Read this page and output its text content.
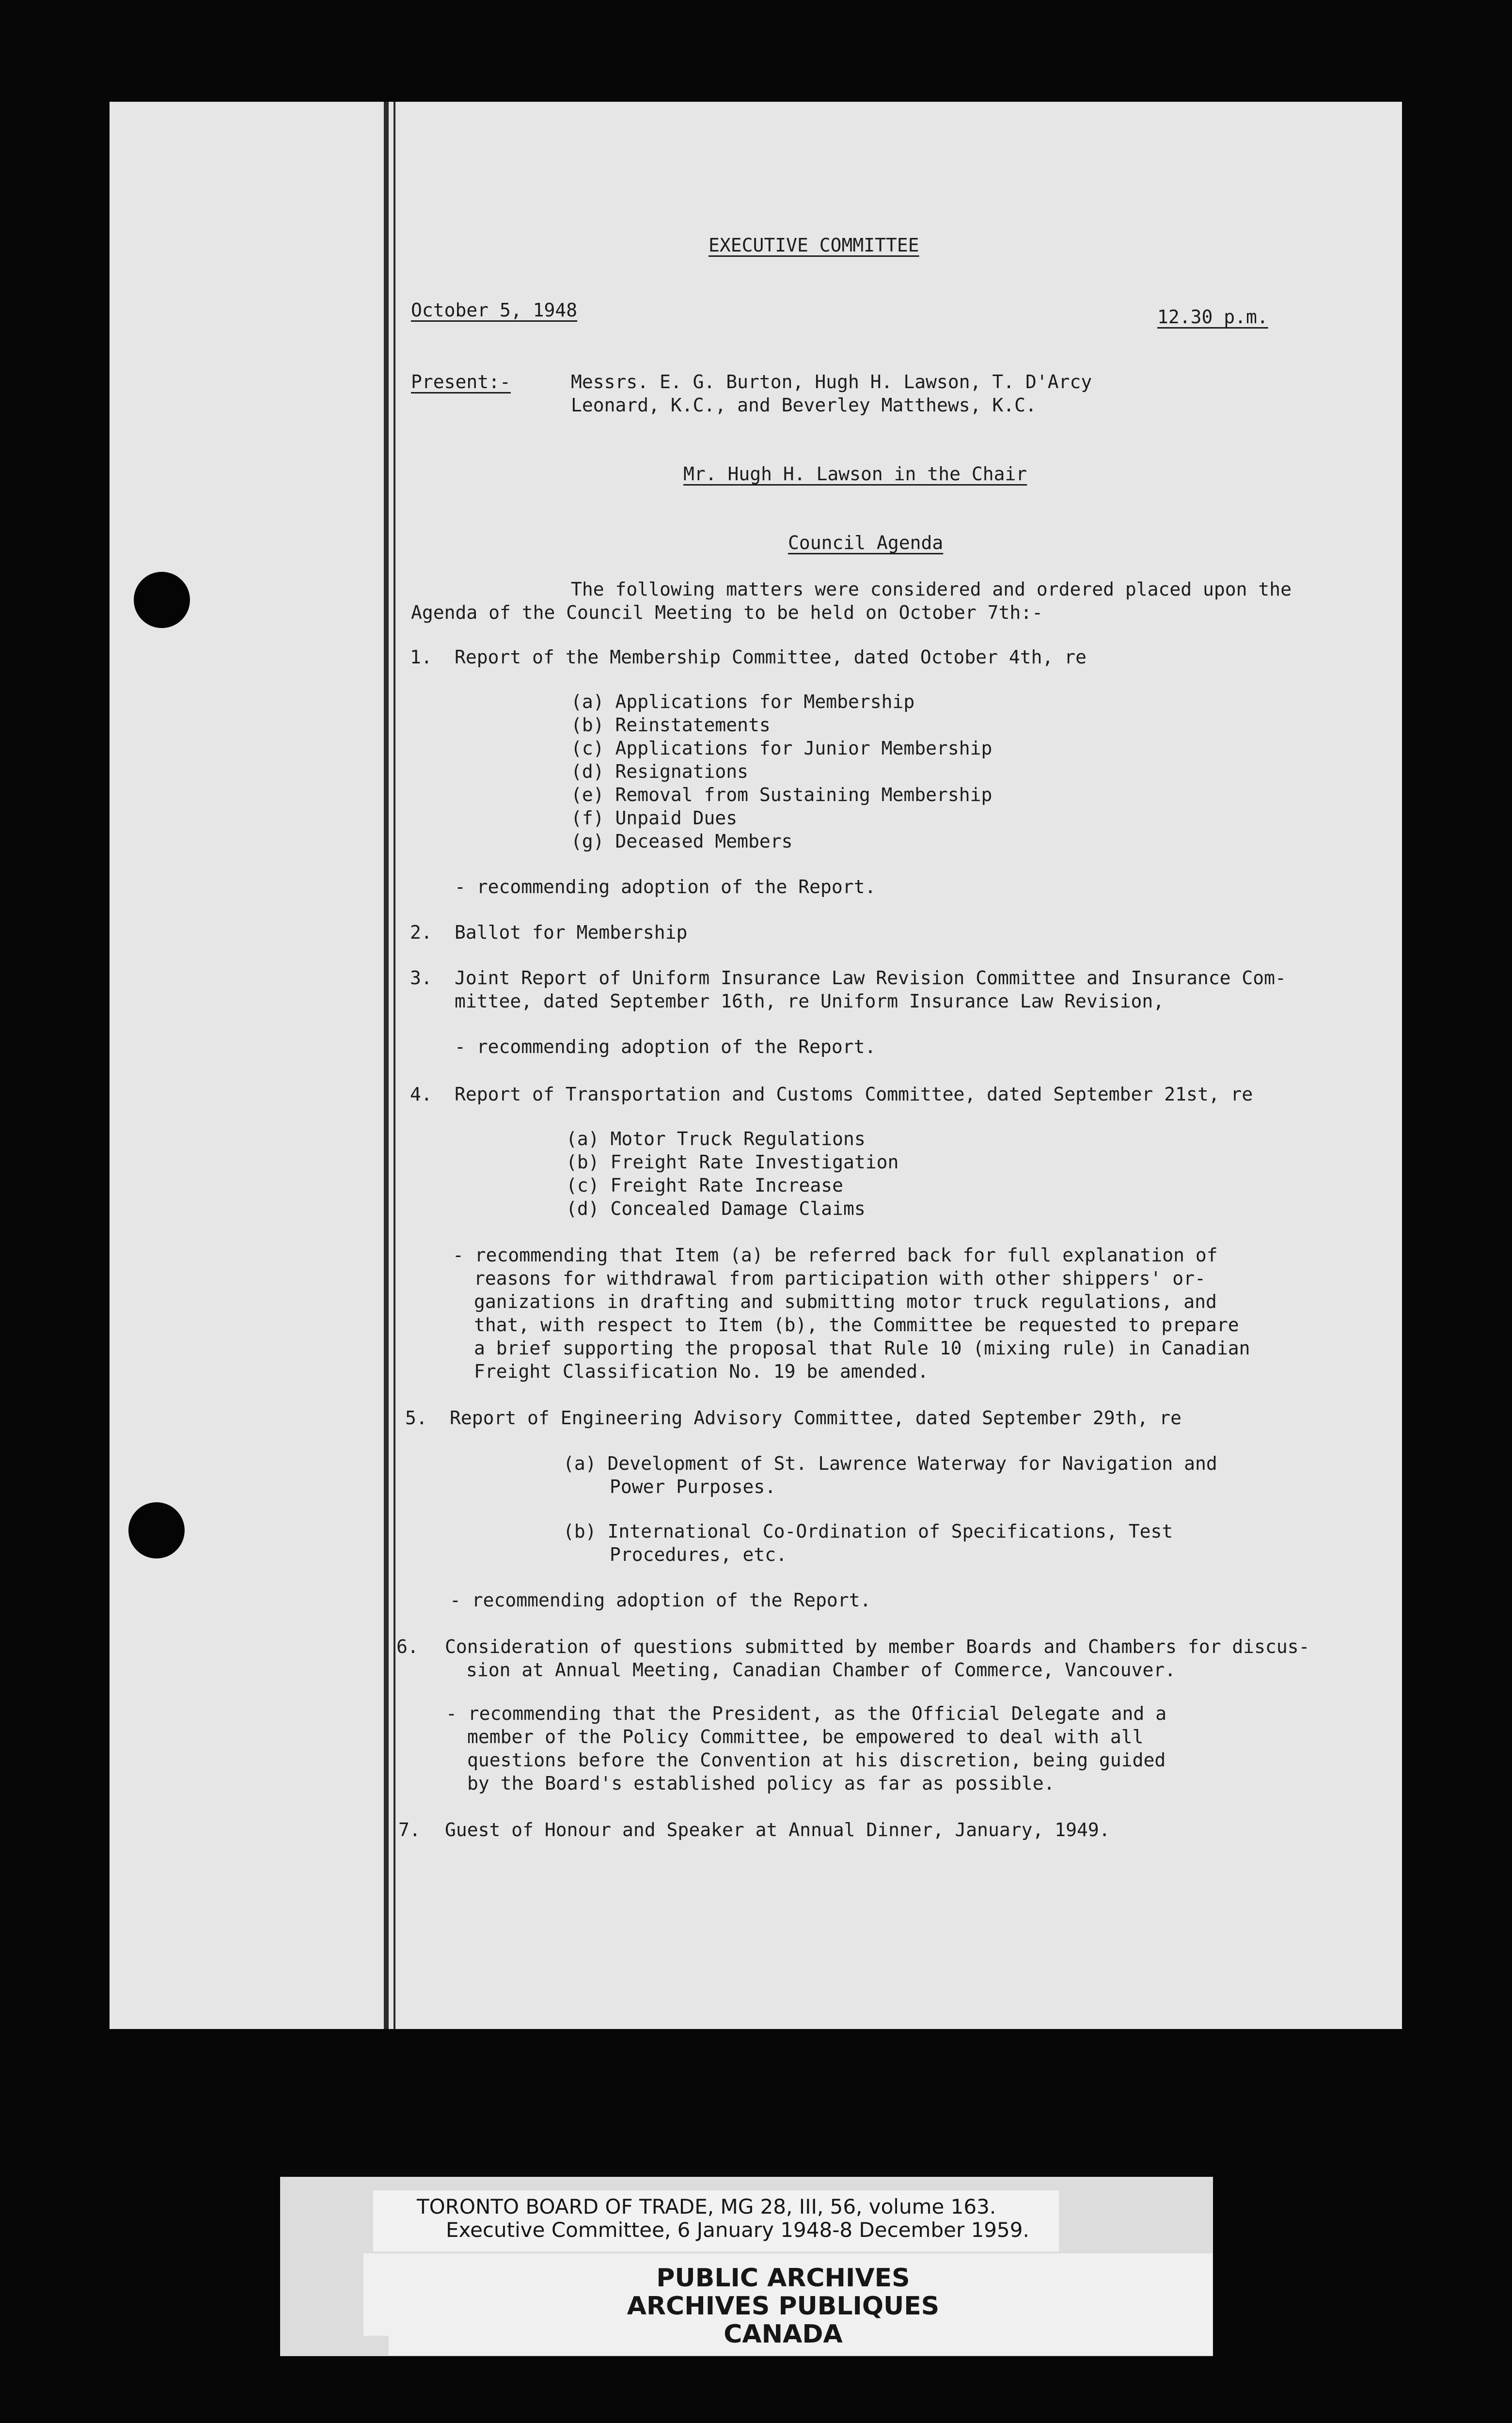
EXECUTIVE COMMITTEE
October 5, 1948	12.30 p.m.
Present:-	Messrs. E. G. Burton, Hugh H. Lawson, T. D'Arcy
Leonard, K.C., and Beverley Matthews, K.C.
Mr. Hugh H. Lawson in the Chair
Council Agenda
The following matters were considered and ordered placed upon the
Agenda of the Council Meeting to be held on October 7th:-
1. Report of the Membership Committee, dated October 4th, re
(a) Applications for Membership
(b) Reinstatements
(c) Applications for Junior Membership
(d) Resignations
(e) Removal from Sustaining Membership
(f) Unpaid Dues
(g) Deceased Members
- recommending adoption of the Report.
2. Ballot for Membership
3. Joint Report of Uniform Insurance Law Revision Committee and Insurance Com-
mittee, dated September 16th, re Uniform Insurance Law Revision,
- recommending adoption of the Report.
4. Report of Transportation and Customs Committee, dated September 21st, re
(a) Motor Truck Regulations
(b) Freight Rate Investigation
(c) Freight Rate Increase
(d) Concealed Damage Claims
- recommending that Item (a) be referred back for full explanation of
reasons for withdrawal from participation with other shippers' or-
ganizations in drafting and submitting motor truck regulations, and
that, with respect to Item (b), the Committee be requested to prepare
a brief supporting the proposal that Rule 10 (mixing rule) in Canadian
Freight Classification No. 19 be amended.
5. Report of Engineering Advisory Committee, dated September 29th, re
(a) Development of St. Lawrence Waterway for Navigation and
Power Purposes.
(b) International Co-Ordination of Specifications, Test
Procedures, etc.
- recommending adoption of the Report.
6. Consideration of questions submitted by member Boards and Chambers for discus-
sion at Annual Meeting, Canadian Chamber of Commerce, Vancouver.
- recommending that the President, as the Official Delegate and a
member of the Policy Committee, be empowered to deal with all
questions before the Convention at his discretion, being guided
by the Board's established policy as far as possible.
7. Guest of Honour and Speaker at Annual Dinner, January, 1949.
TORONTO BOARD OF TRADE, MG 28, III, 56, volume 163.
Executive Committee, 6 January 1948-8 December 1959.
PUBLIC ARCHIVES
ARCHIVES PUBLIQUES
CANADA
